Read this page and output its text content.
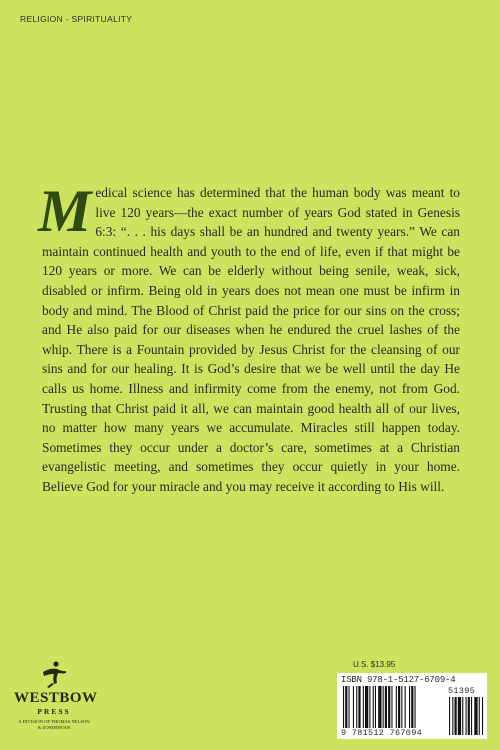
RELIGION - SPIRITUALITY
M edical science has determined that the human body was meant to live 120 years—the exact number of years God stated in Genesis 6:3: “. . . his days shall be an hundred and twenty years.” We can maintain continued health and youth to the end of life, even if that might be 120 years or more. We can be elderly without being senile, weak, sick, disabled or infirm. Being old in years does not mean one must be infirm in body and mind. The Blood of Christ paid the price for our sins on the cross; and He also paid for our diseases when he endured the cruel lashes of the whip. There is a Fountain provided by Jesus Christ for the cleansing of our sins and for our healing. It is God’s desire that we be well until the day He calls us home. Illness and infirmity come from the enemy, not from God. Trusting that Christ paid it all, we can maintain good health all of our lives, no matter how many years we accumulate. Miracles still happen today. Sometimes they occur under a doctor’s care, sometimes at a Christian evangelistic meeting, and sometimes they occur quietly in your home. Believe God for your miracle and you may receive it according to His will.

WESTBOW
PRESS
A DIVISION OF THOMAS NELSON
& ZONDERVAN
U.S. $13.95
ISBN 978-1-5127-6709-4
51395
9 781512 767094
